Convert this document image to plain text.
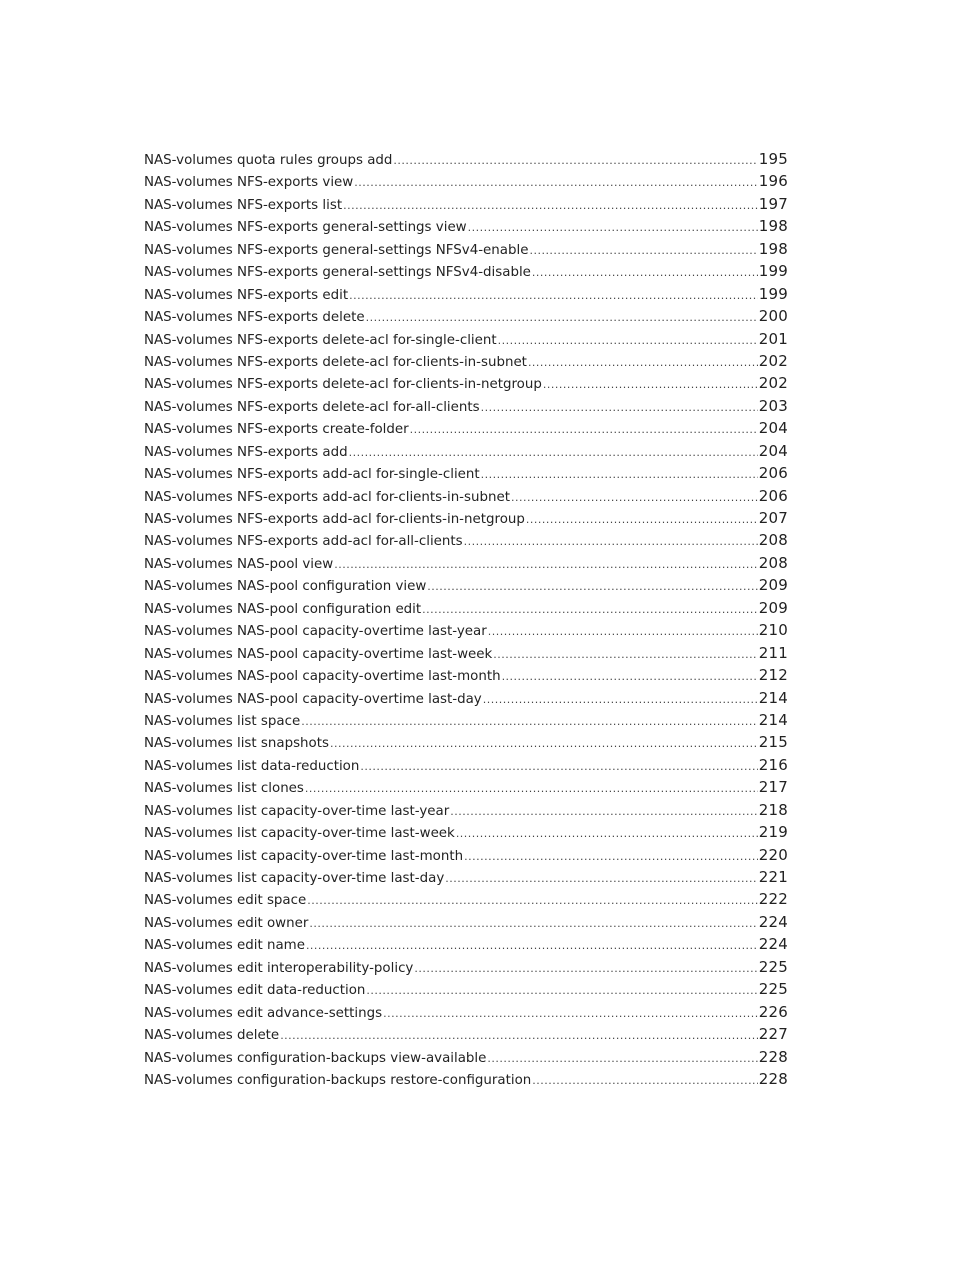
NAS-volumes quota rules groups add .....	195
NAS-volumes NFS-exports view .....	196
NAS-volumes NFS-exports list .....	197
NAS-volumes NFS-exports general-settings view .....	198
NAS-volumes NFS-exports general-settings NFSv4-enable .....	198
NAS-volumes NFS-exports general-settings NFSv4-disable .....	199
NAS-volumes NFS-exports edit .....	199
NAS-volumes NFS-exports delete .....	200
NAS-volumes NFS-exports delete-acl for-single-client .....	201
NAS-volumes NFS-exports delete-acl for-clients-in-subnet .....	202
NAS-volumes NFS-exports delete-acl for-clients-in-netgroup .....	202
NAS-volumes NFS-exports delete-acl for-all-clients .....	203
NAS-volumes NFS-exports create-folder .....	204
NAS-volumes NFS-exports add .....	204
NAS-volumes NFS-exports add-acl for-single-client .....	206
NAS-volumes NFS-exports add-acl for-clients-in-subnet .....	206
NAS-volumes NFS-exports add-acl for-clients-in-netgroup .....	207
NAS-volumes NFS-exports add-acl for-all-clients .....	208
NAS-volumes NAS-pool view .....	208
NAS-volumes NAS-pool configuration view .....	209
NAS-volumes NAS-pool configuration edit .....	209
NAS-volumes NAS-pool capacity-overtime last-year .....	210
NAS-volumes NAS-pool capacity-overtime last-week .....	211
NAS-volumes NAS-pool capacity-overtime last-month .....	212
NAS-volumes NAS-pool capacity-overtime last-day .....	214
NAS-volumes list space .....	214
NAS-volumes list snapshots .....	215
NAS-volumes list data-reduction .....	216
NAS-volumes list clones .....	217
NAS-volumes list capacity-over-time last-year .....	218
NAS-volumes list capacity-over-time last-week .....	219
NAS-volumes list capacity-over-time last-month .....	220
NAS-volumes list capacity-over-time last-day .....	221
NAS-volumes edit space .....	222
NAS-volumes edit owner .....	224
NAS-volumes edit name .....	224
NAS-volumes edit interoperability-policy .....	225
NAS-volumes edit data-reduction .....	225
NAS-volumes edit advance-settings .....	226
NAS-volumes delete .....	227
NAS-volumes configuration-backups view-available .....	228
NAS-volumes configuration-backups restore-configuration .....	228
